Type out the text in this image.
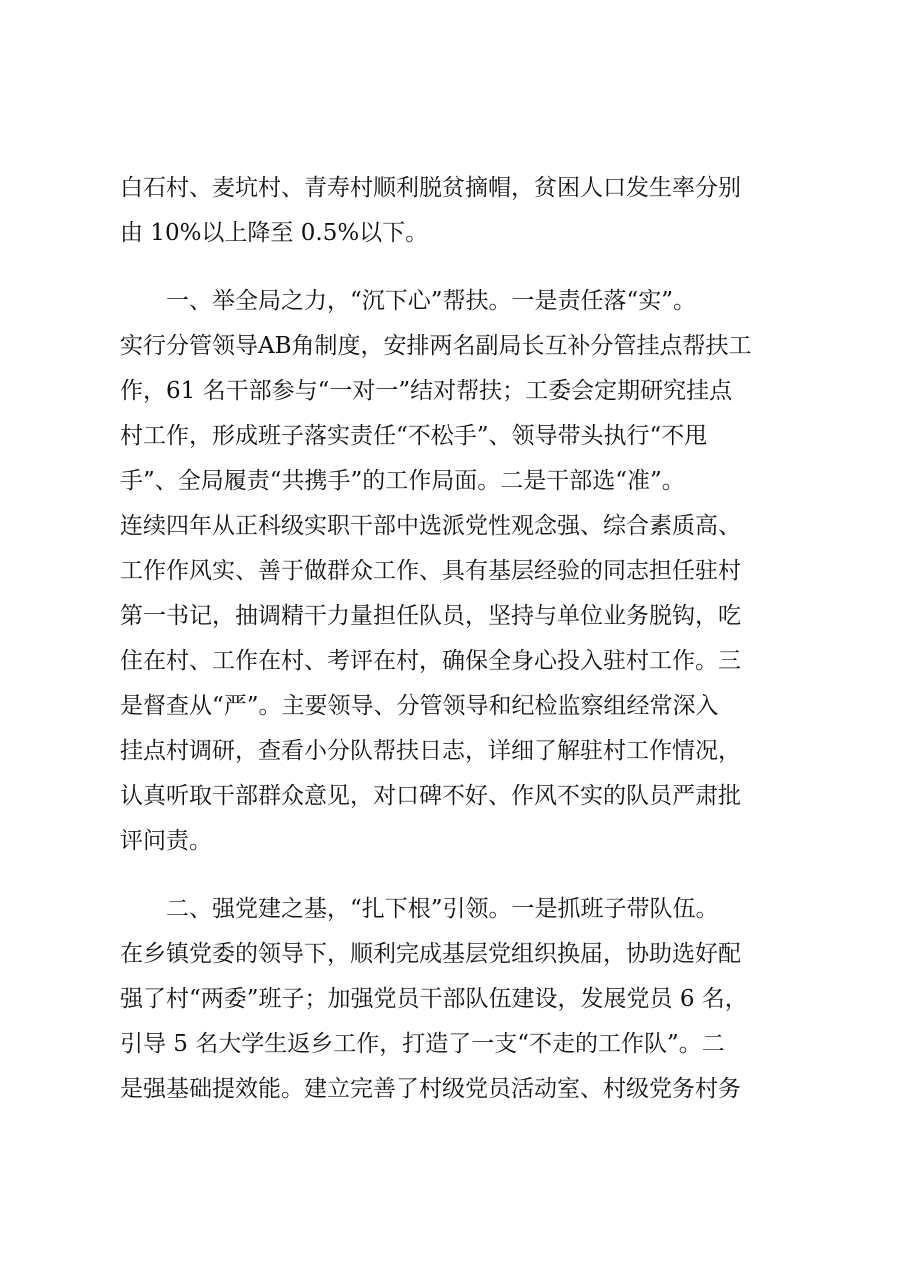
白石村、麦坑村、青寿村顺利脱贫摘帽，贫困人口发生率分别
由 10%以上降至 0.5%以下。
一、举全局之力，“沉下心”帮扶。一是责任落“实”。
实行分管领导AB角制度，安排两名副局长互补分管挂点帮扶工
作，61 名干部参与“一对一”结对帮扶；工委会定期研究挂点
村工作，形成班子落实责任“不松手”、领导带头执行“不甩
手”、全局履责“共携手”的工作局面。二是干部选“准”。
连续四年从正科级实职干部中选派党性观念强、综合素质高、
工作作风实、善于做群众工作、具有基层经验的同志担任驻村
第一书记，抽调精干力量担任队员，坚持与单位业务脱钩，吃
住在村、工作在村、考评在村，确保全身心投入驻村工作。三
是督查从“严”。主要领导、分管领导和纪检监察组经常深入
挂点村调研，查看小分队帮扶日志，详细了解驻村工作情况，
认真听取干部群众意见，对口碑不好、作风不实的队员严肃批
评问责。
二、强党建之基，“扎下根”引领。一是抓班子带队伍。
在乡镇党委的领导下，顺利完成基层党组织换届，协助选好配
强了村“两委”班子；加强党员干部队伍建设，发展党员 6 名，
引导 5 名大学生返乡工作，打造了一支“不走的工作队”。二
是强基础提效能。建立完善了村级党员活动室、村级党务村务
